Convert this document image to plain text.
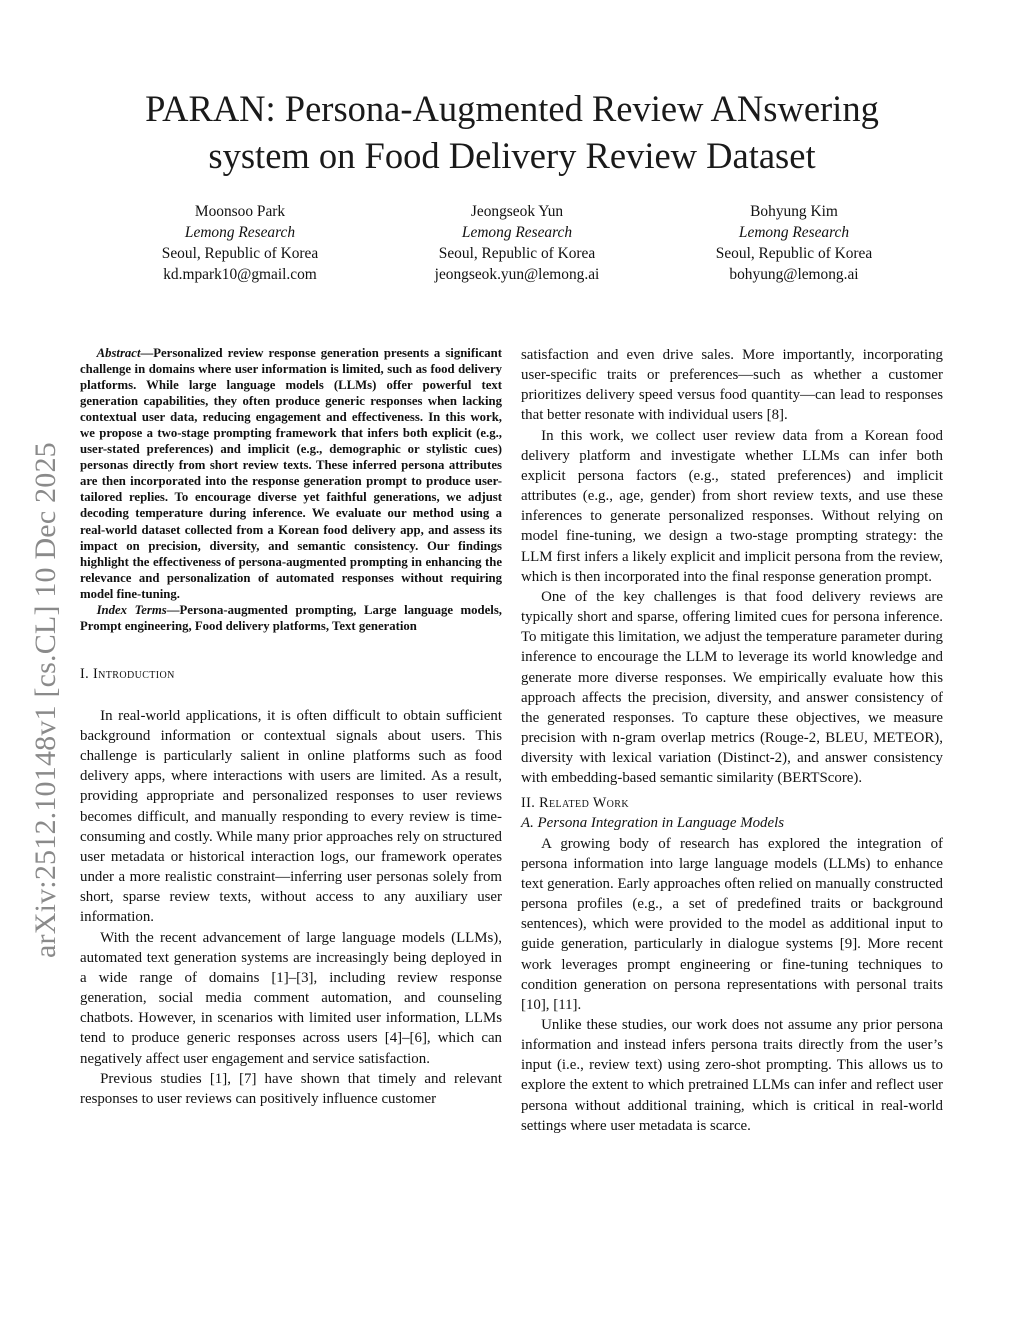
arXiv:2512.10148v1 [cs.CL] 10 Dec 2025
PARAN: Persona-Augmented Review ANswering
system on Food Delivery Review Dataset
Moonsoo Park
Lemong Research
Seoul, Republic of Korea
kd.mpark10@gmail.com
Jeongseok Yun
Lemong Research
Seoul, Republic of Korea
jeongseok.yun@lemong.ai
Bohyung Kim
Lemong Research
Seoul, Republic of Korea
bohyung@lemong.ai

Abstract—Personalized review response generation presents a significant challenge in domains where user information is limited, such as food delivery platforms. While large language models (LLMs) offer powerful text generation capabilities, they often produce generic responses when lacking contextual user data, reducing engagement and effectiveness. In this work, we propose a two-stage prompting framework that infers both explicit (e.g., user-stated preferences) and implicit (e.g., demographic or stylistic cues) personas directly from short review texts. These inferred persona attributes are then incorporated into the response generation prompt to produce user-tailored replies. To encourage diverse yet faithful generations, we adjust decoding temperature during inference. We evaluate our method using a real-world dataset collected from a Korean food delivery app, and assess its impact on precision, diversity, and semantic consistency. Our findings highlight the effectiveness of persona-augmented prompting in enhancing the relevance and personalization of automated responses without requiring model fine-tuning.

Index Terms—Persona-augmented prompting, Large language models, Prompt engineering, Food delivery platforms, Text generation

I. Introduction

In real-world applications, it is often difficult to obtain sufficient background information or contextual signals about users. This challenge is particularly salient in online platforms such as food delivery apps, where interactions with users are limited. As a result, providing appropriate and personalized responses to user reviews becomes difficult, and manually responding to every review is time-consuming and costly. While many prior approaches rely on structured user metadata or historical interaction logs, our framework operates under a more realistic constraint—inferring user personas solely from short, sparse review texts, without access to any auxiliary user information.

With the recent advancement of large language models (LLMs), automated text generation systems are increasingly being deployed in a wide range of domains [1]–[3], including review response generation, social media comment automation, and counseling chatbots. However, in scenarios with limited user information, LLMs tend to produce generic responses across users [4]–[6], which can negatively affect user engagement and service satisfaction.

Previous studies [1], [7] have shown that timely and relevant responses to user reviews can positively influence customer

satisfaction and even drive sales. More importantly, incorporating user-specific traits or preferences—such as whether a customer prioritizes delivery speed versus food quantity—can lead to responses that better resonate with individual users [8].

In this work, we collect user review data from a Korean food delivery platform and investigate whether LLMs can infer both explicit persona factors (e.g., stated preferences) and implicit attributes (e.g., age, gender) from short review texts, and use these inferences to generate personalized responses. Without relying on model fine-tuning, we design a two-stage prompting strategy: the LLM first infers a likely explicit and implicit persona from the review, which is then incorporated into the final response generation prompt.

One of the key challenges is that food delivery reviews are typically short and sparse, offering limited cues for persona inference. To mitigate this limitation, we adjust the temperature parameter during inference to encourage the LLM to leverage its world knowledge and generate more diverse responses. We empirically evaluate how this approach affects the precision, diversity, and answer consistency of the generated responses. To capture these objectives, we measure precision with n-gram overlap metrics (Rouge-2, BLEU, METEOR), diversity with lexical variation (Distinct-2), and answer consistency with embedding-based semantic similarity (BERTScore).

II. Related Work

A. Persona Integration in Language Models

A growing body of research has explored the integration of persona information into large language models (LLMs) to enhance text generation. Early approaches often relied on manually constructed persona profiles (e.g., a set of predefined traits or background sentences), which were provided to the model as additional input to guide generation, particularly in dialogue systems [9]. More recent work leverages prompt engineering or fine-tuning techniques to condition generation on persona representations with personal traits [10], [11].

Unlike these studies, our work does not assume any prior persona information and instead infers persona traits directly from the user’s input (i.e., review text) using zero-shot prompting. This allows us to explore the extent to which pretrained LLMs can infer and reflect user persona without additional training, which is critical in real-world settings where user metadata is scarce.
